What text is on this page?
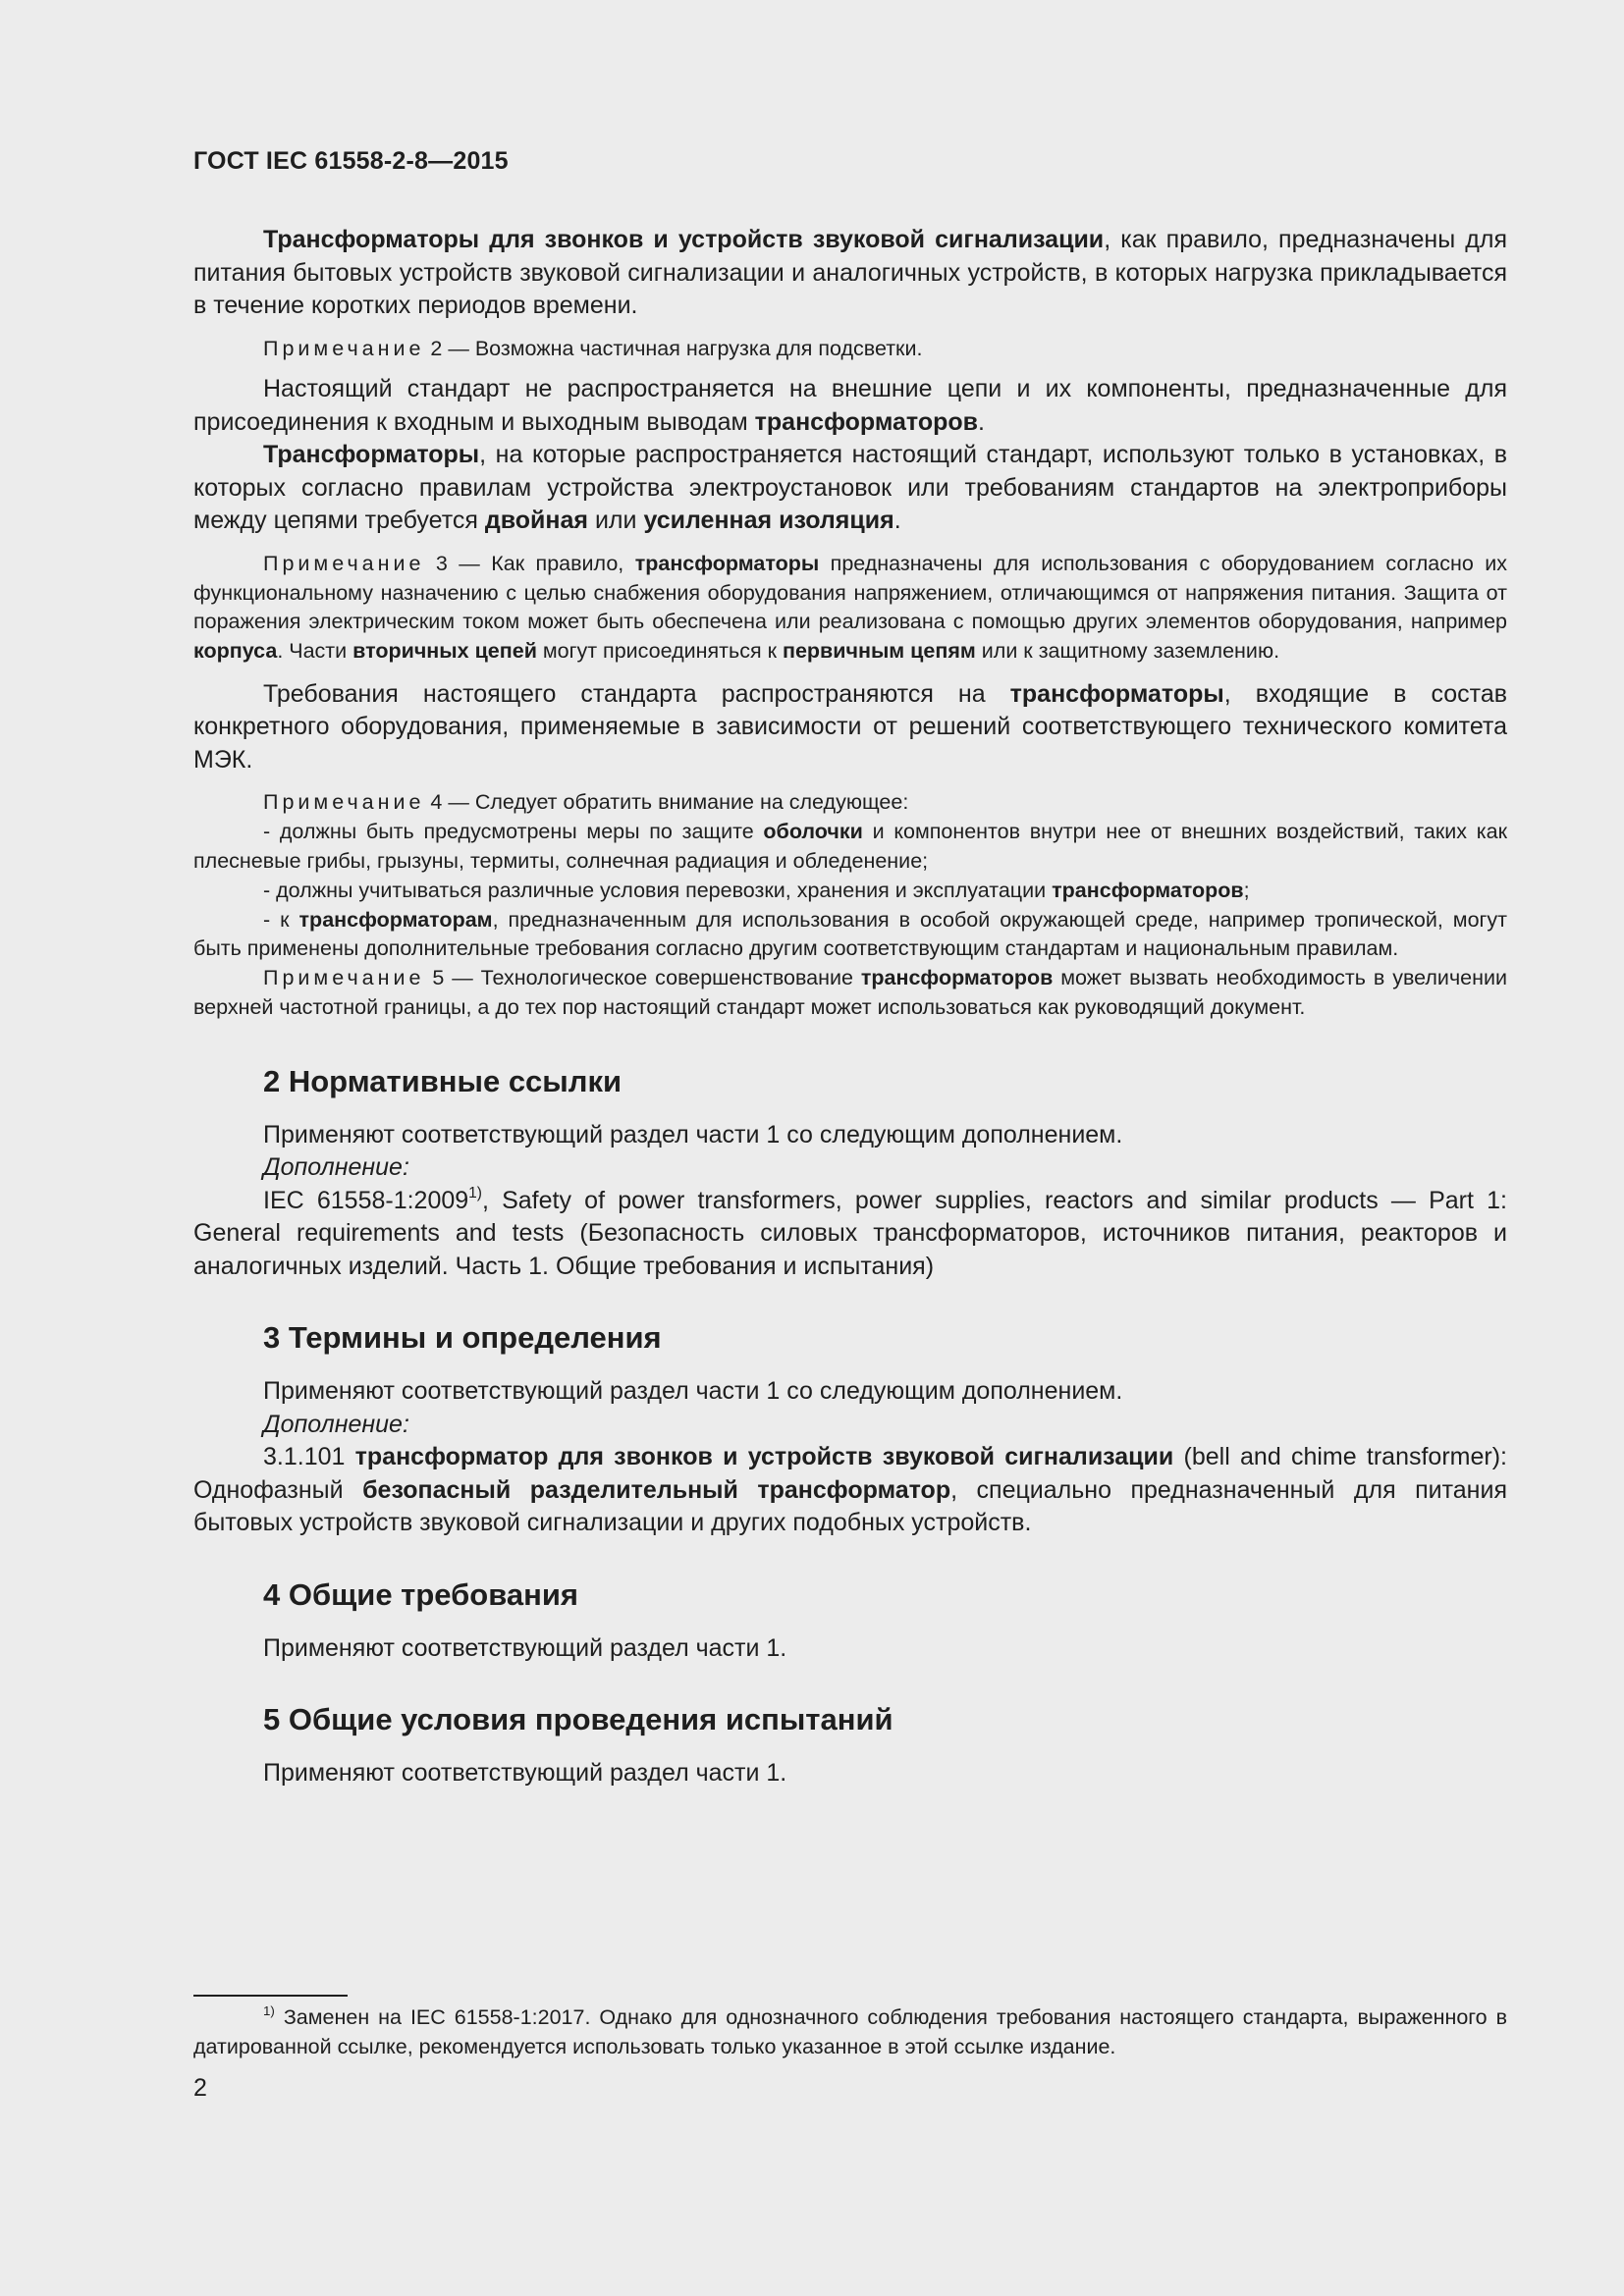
ГОСТ IEC 61558-2-8—2015

Трансформаторы для звонков и устройств звуковой сигнализации, как правило, предназначены для питания бытовых устройств звуковой сигнализации и аналогичных устройств, в которых нагрузка прикладывается в течение коротких периодов времени.

Примечание 2 — Возможна частичная нагрузка для подсветки.

Настоящий стандарт не распространяется на внешние цепи и их компоненты, предназначенные для присоединения к входным и выходным выводам трансформаторов.

Трансформаторы, на которые распространяется настоящий стандарт, используют только в установках, в которых согласно правилам устройства электроустановок или требованиям стандартов на электроприборы между цепями требуется двойная или усиленная изоляция.

Примечание 3 — Как правило, трансформаторы предназначены для использования с оборудованием согласно их функциональному назначению с целью снабжения оборудования напряжением, отличающимся от напряжения питания. Защита от поражения электрическим током может быть обеспечена или реализована с помощью других элементов оборудования, например корпуса. Части вторичных цепей могут присоединяться к первичным цепям или к защитному заземлению.

Требования настоящего стандарта распространяются на трансформаторы, входящие в состав конкретного оборудования, применяемые в зависимости от решений соответствующего технического комитета МЭК.

Примечание 4 — Следует обратить внимание на следующее:

- должны быть предусмотрены меры по защите оболочки и компонентов внутри нее от внешних воздействий, таких как плесневые грибы, грызуны, термиты, солнечная радиация и обледенение;

- должны учитываться различные условия перевозки, хранения и эксплуатации трансформаторов;

- к трансформаторам, предназначенным для использования в особой окружающей среде, например тропической, могут быть применены дополнительные требования согласно другим соответствующим стандартам и национальным правилам.

Примечание 5 — Технологическое совершенствование трансформаторов может вызвать необходимость в увеличении верхней частотной границы, а до тех пор настоящий стандарт может использоваться как руководящий документ.

2 Нормативные ссылки

Применяют соответствующий раздел части 1 со следующим дополнением.

Дополнение:

IEC 61558-1:2009$^{1)}$, Safety of power transformers, power supplies, reactors and similar products — Part 1: General requirements and tests (Безопасность силовых трансформаторов, источников питания, реакторов и аналогичных изделий. Часть 1. Общие требования и испытания)

3 Термины и определения

Применяют соответствующий раздел части 1 со следующим дополнением.

Дополнение:

3.1.101 трансформатор для звонков и устройств звуковой сигнализации (bell and chime transformer): Однофазный безопасный разделительный трансформатор, специально предназначенный для питания бытовых устройств звуковой сигнализации и других подобных устройств.

4 Общие требования

Применяют соответствующий раздел части 1.

5 Общие условия проведения испытаний

Применяют соответствующий раздел части 1.

$^{1)}$ Заменен на IEC 61558-1:2017. Однако для однозначного соблюдения требования настоящего стандарта, выраженного в датированной ссылке, рекомендуется использовать только указанное в этой ссылке издание.

2
